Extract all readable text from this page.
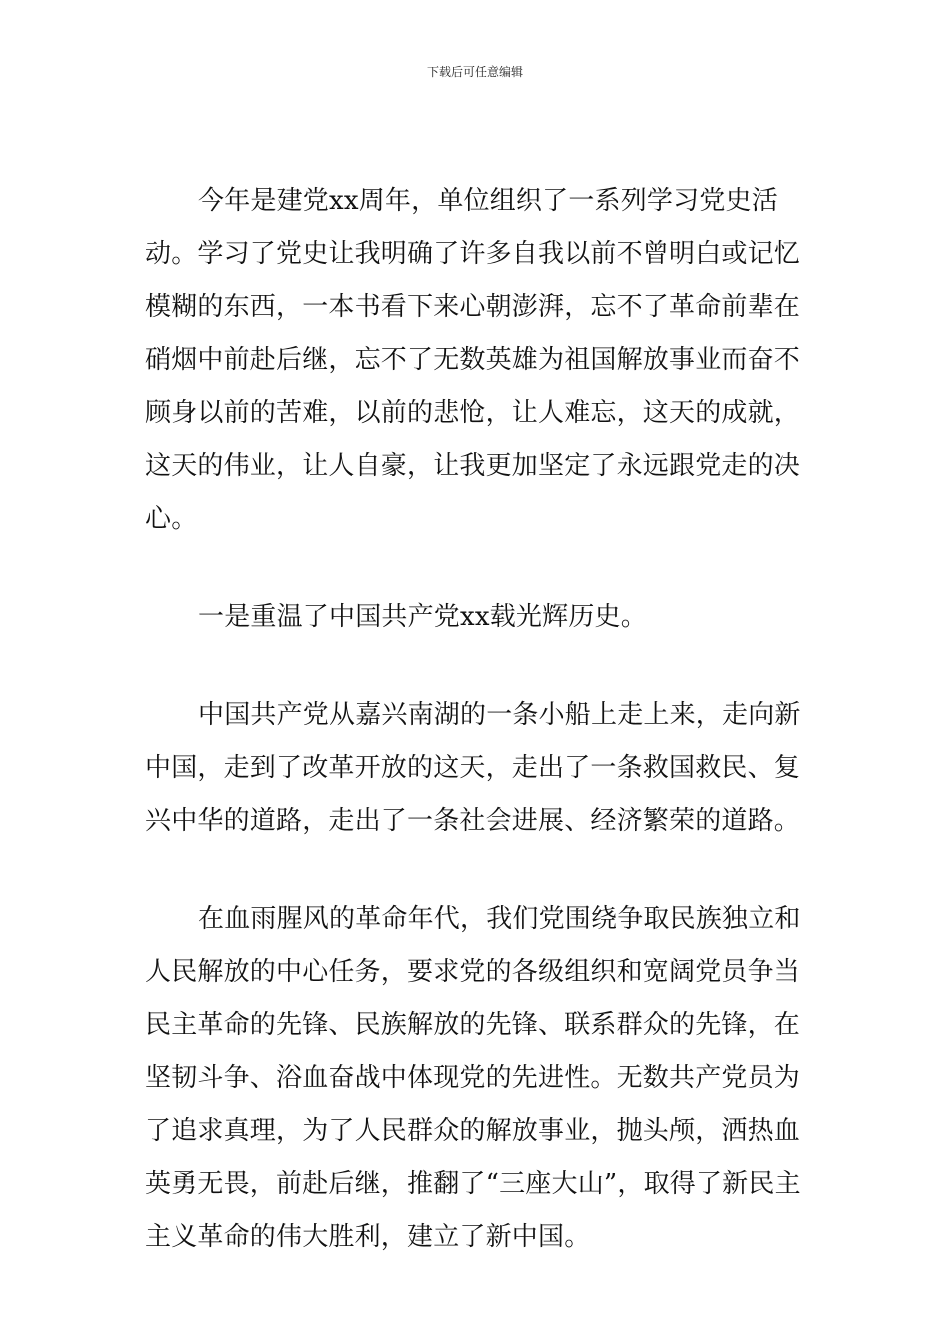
下载后可任意编辑

今年是建党xx周年，单位组织了一系列学习党史活动。学习了党史让我明确了许多自我以前不曾明白或记忆模糊的东西，一本书看下来心朝澎湃，忘不了革命前辈在硝烟中前赴后继，忘不了无数英雄为祖国解放事业而奋不顾身以前的苦难，以前的悲怆，让人难忘，这天的成就，这天的伟业，让人自豪，让我更加坚定了永远跟党走的决心。

一是重温了中国共产党xx载光辉历史。

中国共产党从嘉兴南湖的一条小船上走上来，走向新中国，走到了改革开放的这天，走出了一条救国救民、复兴中华的道路，走出了一条社会进展、经济繁荣的道路。

在血雨腥风的革命年代，我们党围绕争取民族独立和人民解放的中心任务，要求党的各级组织和宽阔党员争当民主革命的先锋、民族解放的先锋、联系群众的先锋，在坚韧斗争、浴血奋战中体现党的先进性。无数共产党员为了追求真理，为了人民群众的解放事业，抛头颅，洒热血英勇无畏，前赴后继，推翻了“三座大山”，取得了新民主主义革命的伟大胜利，建立了新中国。
